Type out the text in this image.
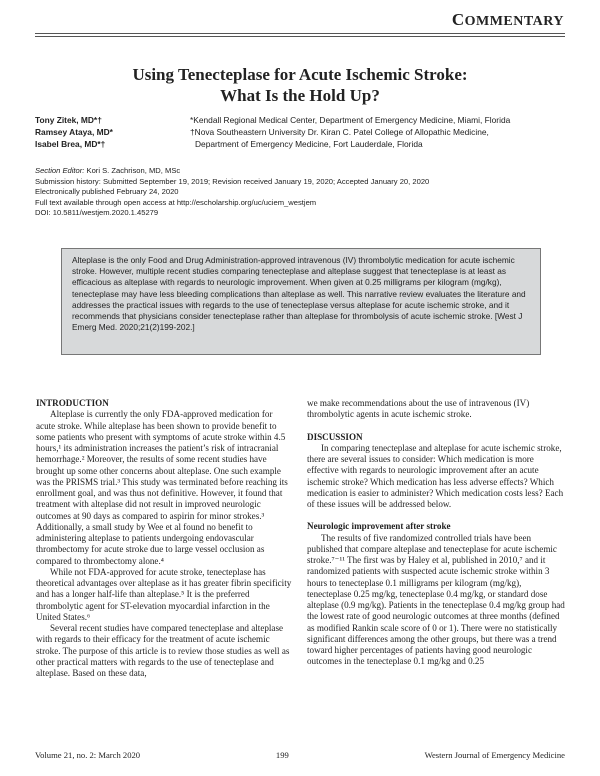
COMMENTARY
Using Tenecteplase for Acute Ischemic Stroke:
What Is the Hold Up?
Tony Zitek, MD*†
Ramsey Ataya, MD*
Isabel Brea, MD*†
*Kendall Regional Medical Center, Department of Emergency Medicine, Miami, Florida
†Nova Southeastern University Dr. Kiran C. Patel College of Allopathic Medicine,
Department of Emergency Medicine, Fort Lauderdale, Florida
Section Editor: Kori S. Zachrison, MD, MSc
Submission history: Submitted September 19, 2019; Revision received January 19, 2020; Accepted January 20, 2020
Electronically published February 24, 2020
Full text available through open access at http://escholarship.org/uc/uciem_westjem
DOI: 10.5811/westjem.2020.1.45279
Alteplase is the only Food and Drug Administration-approved intravenous (IV) thrombolytic medication for acute ischemic stroke. However, multiple recent studies comparing tenecteplase and alteplase suggest that tenecteplase is at least as efficacious as alteplase with regards to neurologic improvement. When given at 0.25 milligrams per kilogram (mg/kg), tenecteplase may have less bleeding complications than alteplase as well. This narrative review evaluates the literature and addresses the practical issues with regards to the use of tenecteplase versus alteplase for acute ischemic stroke, and it recommends that physicians consider tenecteplase rather than alteplase for thrombolysis of acute ischemic stroke. [West J Emerg Med. 2020;21(2)199-202.]
INTRODUCTION

Alteplase is currently the only FDA-approved medication for acute stroke. While alteplase has been shown to provide benefit to some patients who present with symptoms of acute stroke within 4.5 hours,¹ its administration increases the patient’s risk of intracranial hemorrhage.² Moreover, the results of some recent studies have brought up some other concerns about alteplase. One such example was the PRISMS trial.³ This study was terminated before reaching its enrollment goal, and was thus not definitive. However, it found that treatment with alteplase did not result in improved neurologic outcomes at 90 days as compared to aspirin for minor strokes.³ Additionally, a small study by Wee et al found no benefit to administering alteplase to patients undergoing endovascular thrombectomy for acute stroke due to large vessel occlusion as compared to thrombectomy alone.⁴

While not FDA-approved for acute stroke, tenecteplase has theoretical advantages over alteplase as it has greater fibrin specificity and has a longer half-life than alteplase.⁵ It is the preferred thrombolytic agent for ST-elevation myocardial infarction in the United States.⁶

Several recent studies have compared tenecteplase and alteplase with regards to their efficacy for the treatment of acute ischemic stroke. The purpose of this article is to review those studies as well as other practical matters with regards to the use of tenecteplase and alteplase. Based on these data,

we make recommendations about the use of intravenous (IV) thrombolytic agents in acute ischemic stroke.

DISCUSSION

In comparing tenecteplase and alteplase for acute ischemic stroke, there are several issues to consider: Which medication is more effective with regards to neurologic improvement after an acute ischemic stroke? Which medication has less adverse effects? Which medication is easier to administer? Which medication costs less? Each of these issues will be addressed below.

Neurologic improvement after stroke

The results of five randomized controlled trials have been published that compare alteplase and tenecteplase for acute ischemic stroke.⁷⁻¹¹ The first was by Haley et al, published in 2010,⁷ and it randomized patients with suspected acute ischemic stroke within 3 hours to tenecteplase 0.1 milligrams per kilogram (mg/kg), tenecteplase 0.25 mg/kg, tenecteplase 0.4 mg/kg, or standard dose alteplase (0.9 mg/kg). Patients in the tenecteplase 0.4 mg/kg group had the lowest rate of good neurologic outcomes at three months (defined as modified Rankin scale score of 0 or 1). There were no statistically significant differences among the other groups, but there was a trend toward higher percentages of patients having good neurologic outcomes in the tenecteplase 0.1 mg/kg and 0.25

Volume 21, no. 2: March 2020	199	Western Journal of Emergency Medicine
